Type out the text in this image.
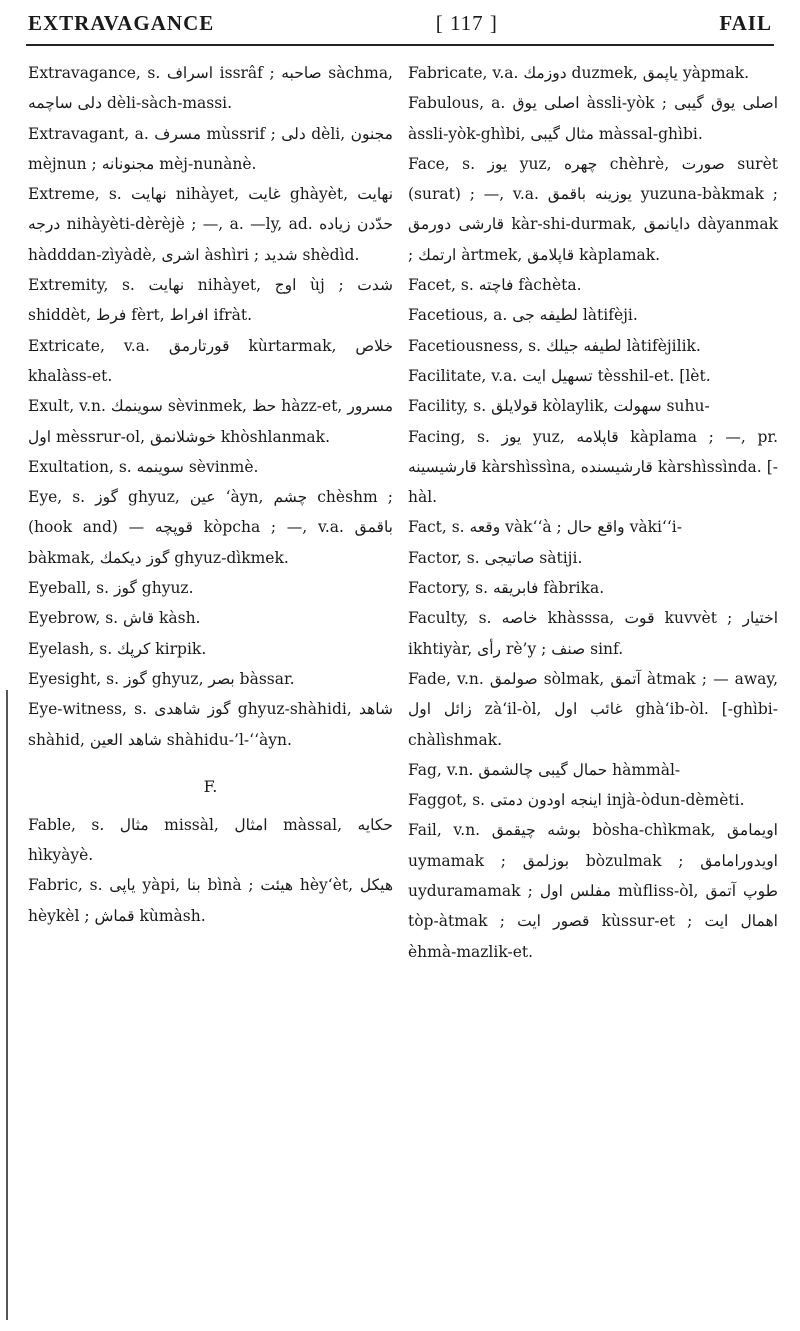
EXTRAVAGANCE	[ 117 ]	FAIL

Extravagance, s. اسراف issrâf ; صاحبه sàchma, دلی ساچمه dèli-sàch-massi.

Extravagant, a. مسرف mùssrif ; دلی dèli, مجنون mèjnun ; مجنونانه mèj-nunànè.

Extreme, s. نهایت nihàyet, غایت ghàyèt, نهایت درجه nihàyèti-dèrèjè ; —, a. —ly, ad. حدّدن زیاده hàdddan-zìyàdè, اشری àshìri ; شدید shèdìd.

Extremity, s. نهایت nihàyet, اوج ùj ; شدت shiddèt, فرط fèrt, افراط ifràt.

Extricate, v.a. قورتارمق kùrtarmak, خلاص khalàss-et.

Exult, v.n. سوینمك sèvinmek, حظ hàzz-et, مسرور اول mèssrur-ol, خوشلانمق khòshlanmak.

Exultation, s. سوینمه sèvinmè.

Eye, s. گوز ghyuz, عین ‘àyn, چشم chèshm ; (hook and) — قوپچه kòpcha ; —, v.a. باقمق bàkmak, گوز دیکمك ghyuz-dìkmek.

Eyeball, s. گوز ghyuz.

Eyebrow, s. قاش kàsh.

Eyelash, s. کرپك kirpik.

Eyesight, s. گوز ghyuz, بصر bàssar.

Eye-witness, s. گوز شاهدی ghyuz-shàhidi, شاهد shàhid, شاهد العین shàhidu-’l-‘‘àyn.

F.

Fable, s. مثال missàl, امثال màssal, حکایه hìkyàyè.

Fabric, s. یاپی yàpi, بنا bìnà ; هیئت hèy‘èt, هیکل hèykèl ; قماش kùmàsh.

Fabricate, v.a. دوزمك duzmek, یاپمق yàpmak.

Fabulous, a. اصلی یوق àssli-yòk ; اصلی یوق گیبی àssli-yòk-ghìbi, مثال گیبی màssal-ghìbi.

Face, s. یوز yuz, چهره chèhrè, صورت surèt (surat) ; —, v.a. یوزینه باقمق yuzuna-bàkmak ; قارشی دورمق kàr-shi-durmak, دایانمق dàyanmak ; ارتمك àrtmek, قاپلامق kàplamak.

Facet, s. فاچته fàchèta.

Facetious, a. لطیفه جی làtifèji.

Facetiousness, s. لطیفه جیلك làtifèjilik.

Facilitate, v.a. تسهیل ایت tèsshil-et. [lèt.

Facility, s. قولایلق kòlaylik, سهولت suhu-

Facing, s. یوز yuz, قاپلامه kàplama ; —, pr. قارشیسینه kàrshìssìna, قارشیسنده kàrshìssìnda. [-hàl.

Fact, s. وقعه vàk‘‘à ; واقع حال vàki‘‘i-

Factor, s. صاتیجی sàtiji.

Factory, s. فابریقه fàbrika.

Faculty, s. خاصه khàsssa, قوت kuvvèt ; اختیار ikhtiyàr, رأی rè’y ; صنف sinf.

Fade, v.n. صولمق sòlmak, آتمق àtmak ; — away, زائل اول zà‘il-òl, غائب اول ghà‘ib-òl. [-ghìbi-chàlìshmak.

Fag, v.n. حمال گیبی چالشمق hàmmàl-

Faggot, s. اینجه اودون دمتی injà-òdun-dèmèti.

Fail, v.n. بوشه چیقمق bòsha-chìkmak, اویمامق uymamak ; بوزلمق bòzulmak ; اویدورامامق uyduramamak ; مفلس اول mùfliss-òl, طوپ آتمق tòp-àtmak ; قصور ایت kùssur-et ; اهمال ایت èhmà-mazlik-et.
